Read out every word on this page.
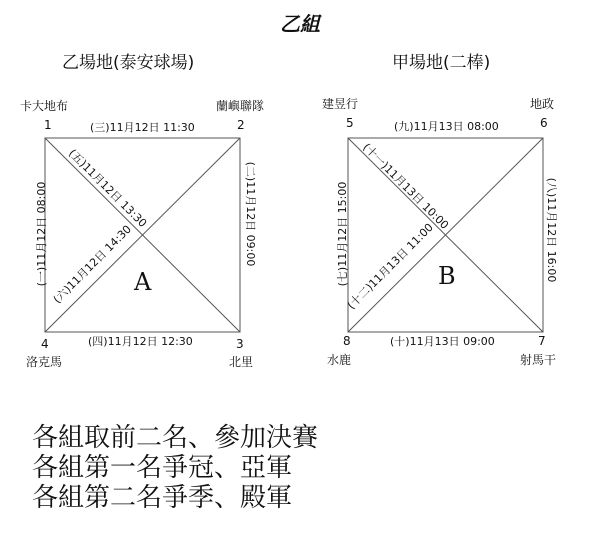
乙組
乙場地(泰安球場)
卡大地布
1
蘭嶼聯隊
2
3
北里
4
洛克馬
(三)11月12日 11:30
(四)11月12日 12:30
(一)11月12日 08:00	(二)11月12日 09:00
(五)11月12日 13:30
(六)11月12日 14:30 A
甲場地(二棒)
建昱行
5
地政
6
7
射馬干
8
水鹿
(九)11月13日 08:00
(十)11月13日 09:00
(七)11月12日 15:00	(八)11月12日 16:00
(十一)11月13日 10:00
(十二)11月13日 11:00 B
各組取前二名、參加決賽
各組第一名爭冠、亞軍
各組第二名爭季、殿軍
